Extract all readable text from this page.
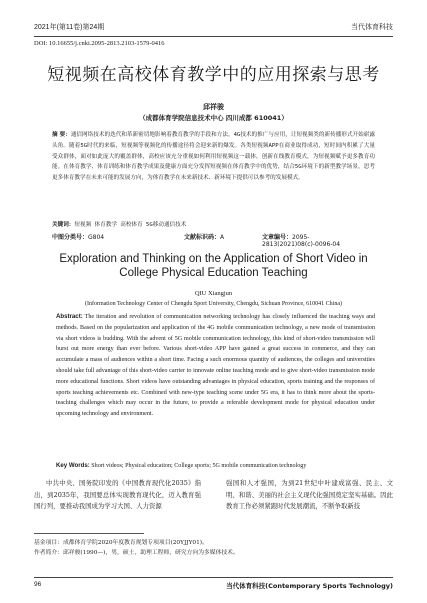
2021年(第11卷)第24期	当代体育科技
DOI: 10.16655/j.cnki.2095-2813.2103-1579-0416
短视频在高校体育教学中的应用探索与思考
邱祥骏
（成都体育学院信息技术中心 四川成都 610041）
摘 要：通信网络技术的迭代和革新密切地影响着教育教学的手段和方法。4G技术的推广与应用，让短视频类的新传播形式开始崭露头角。随着5G时代的来临，短视频等视频化的传播途径将会迎来新的爆发。各类短视频APP在商业取得成功，短时间内积累了大量受众群体，面对如此庞大的覆盖群体，高校应该充分重视如何利用短视频这一载体，创新在线教育模式，为短视频赋予更多教育功能。在体育教学、体育训练和体育教学成果及健康方面充分发挥短视频在体育教学中的优势，结合5G环境下的新型教学场景，思考更多体育教学在未来可能的发展方向，为体育教学在未来新技术、新环境下提供可以参考的发展模式。
关键词：短视频 体育教学 高校体育 5G移动通信技术
中图分类号：G804	文献标识码：A	文章编号：2095-2813(2021)08(c)-0096-04
Exploration and Thinking on the Application of Short Video in College Physical Education Teaching
QIU Xiangjun
(Information Technology Center of Chengdu Sport University, Chengdu, Sichuan Province, 610041 China)
Abstract: The iteration and revolution of communication networking technology has closely influenced the teaching ways and methods. Based on the popularization and application of the 4G mobile communication technology, a new mode of transmission via short videos is budding. With the advent of 5G mobile communication technology, this kind of short-video transmission will burst out more energy than ever before. Various short-video APP have gained a great success in commerce, and they can accumulate a mass of audiences within a short time. Facing a such enormous quantity of audiences, the colleges and universities should take full advantage of this short-video carrier to innovate online teaching mode and to give short-video transmission mode more educational functions. Short videos have outstanding advantages in physical education, sports training and the responses of sports teaching achievements etc. Combined with new-type teaching scene under 5G era, it has to think more about the sports-teaching challenges which may occur in the future, to provide a referable development mode for physical education under upcoming technology and environment.
Key Words: Short videos; Physical education; College sports; 5G mobile communication technology
中共中央、国务院印发的《中国教育现代化2035》指出，到2035年，我国要总体实现教育现代化，迈入教育强国行列，要推动我国成为学习大国、人力资源
强国和人才强国，为到21世纪中叶建成富强、民主、文明、和谐、美丽的社会主义现代化强国奠定坚实基础。因此教育工作必须紧跟时代发展潮流，不断争取新技
基金项目：成都体育学院2020年度教育规划专项项目(20YJJY01)。
作者简介：邱祥骏(1990—)，男，硕士，助理工程师，研究方向为多媒体技术。
96	当代体育科技(Contemporary Sports Technology)
